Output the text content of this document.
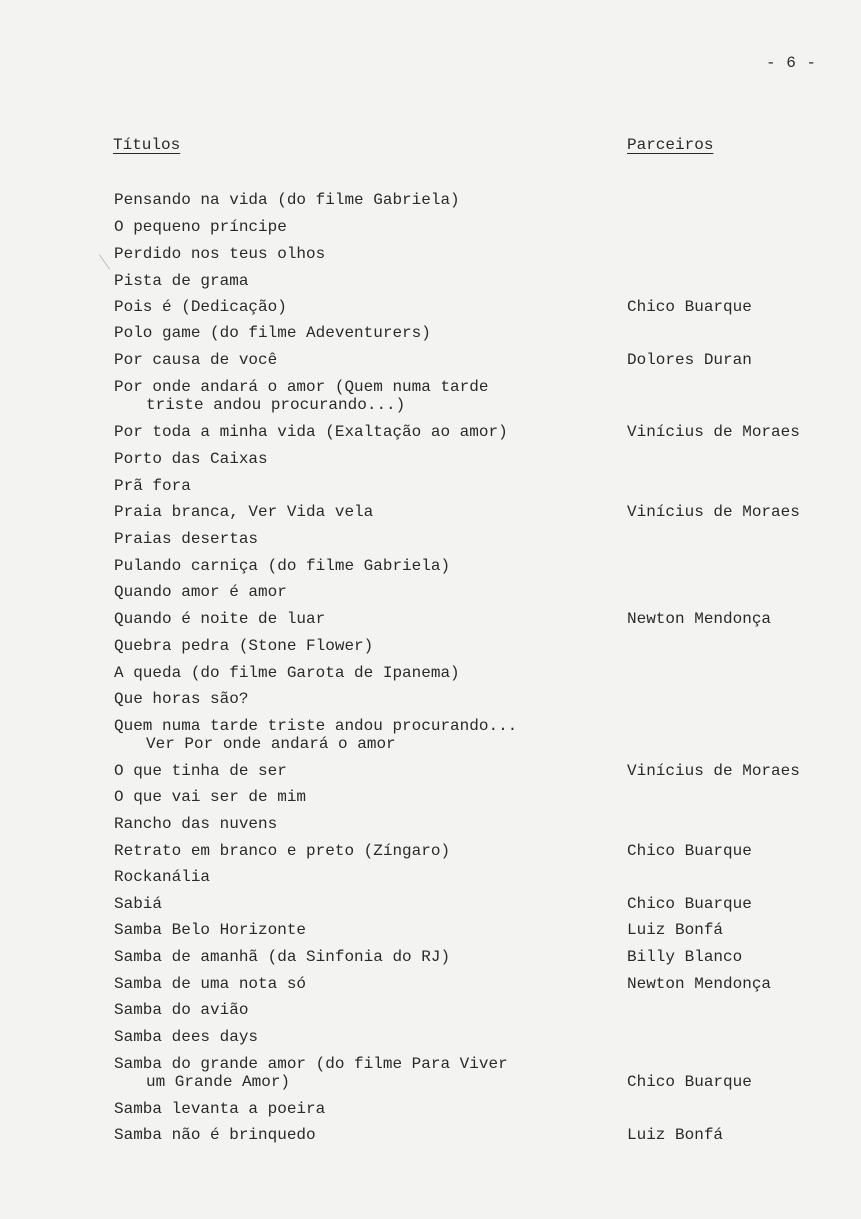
- 6 -
Títulos	Parceiros
Pensando na vida (do filme Gabriela)
O pequeno príncipe
Perdido nos teus olhos
Pista de grama
Pois é (Dedicação)	Chico Buarque
Polo game (do filme Adeventurers)
Por causa de você	Dolores Duran
Por onde andará o amor (Quem numa tarde
triste andou procurando...)
Por toda a minha vida (Exaltação ao amor)	Vinícius de Moraes
Porto das Caixas
Prã fora
Praia branca, Ver Vida vela	Vinícius de Moraes
Praias desertas
Pulando carniça (do filme Gabriela)
Quando amor é amor
Quando é noite de luar	Newton Mendonça
Quebra pedra (Stone Flower)
A queda (do filme Garota de Ipanema)
Que horas são?
Quem numa tarde triste andou procurando...
Ver Por onde andará o amor
O que tinha de ser	Vinícius de Moraes
O que vai ser de mim
Rancho das nuvens
Retrato em branco e preto (Zíngaro)	Chico Buarque
Rockanália
Sabiá	Chico Buarque
Samba Belo Horizonte	Luiz Bonfá
Samba de amanhã (da Sinfonia do RJ)	Billy Blanco
Samba de uma nota só	Newton Mendonça
Samba do avião
Samba dees days
Samba do grande amor (do filme Para Viver
um Grande Amor)	Chico Buarque
Samba levanta a poeira
Samba não é brinquedo	Luiz Bonfá
